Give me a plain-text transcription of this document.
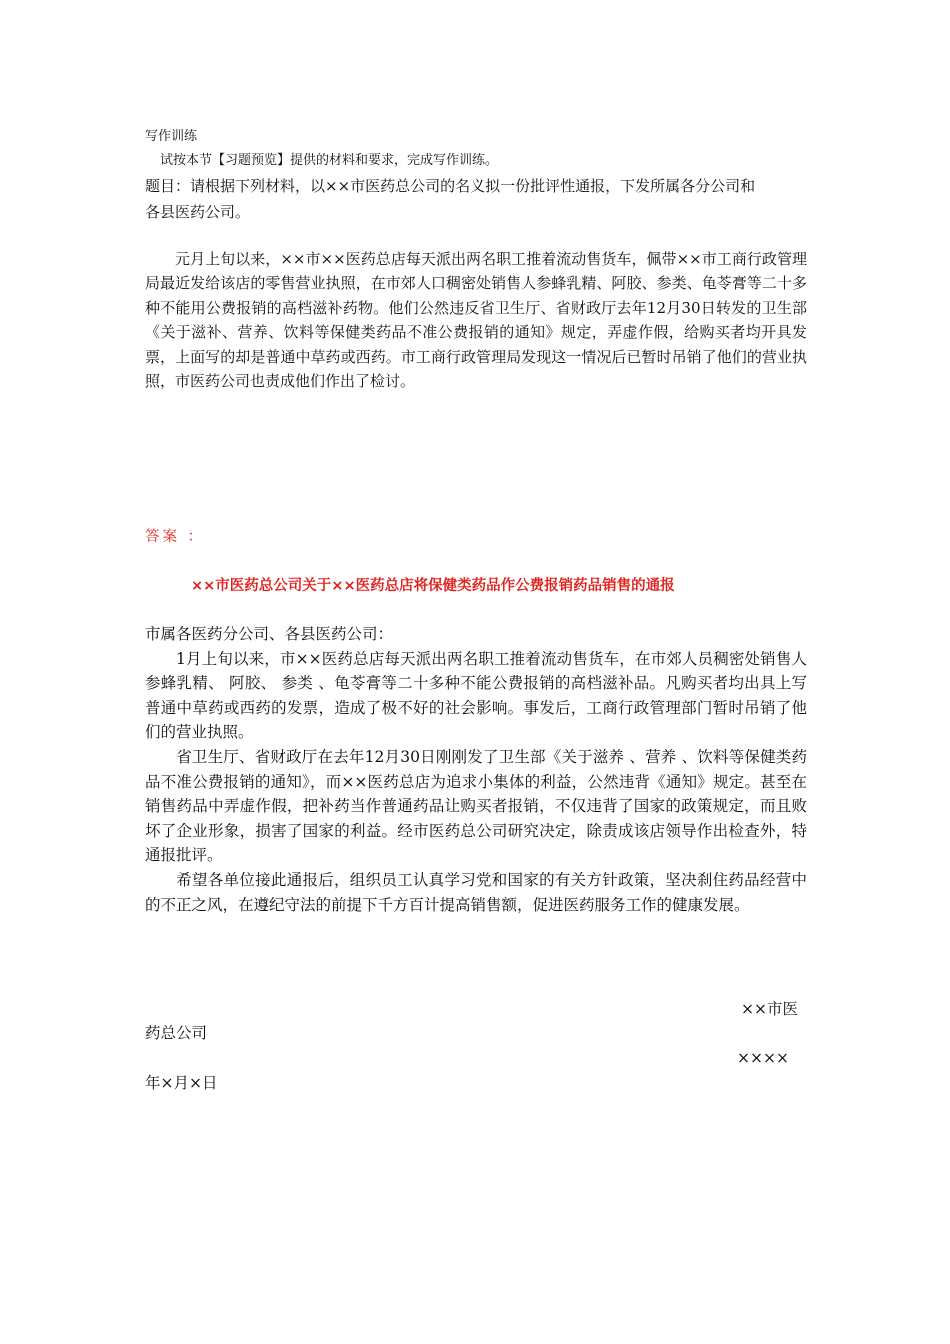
写作训练

试按本节【习题预览】提供的材料和要求，完成写作训练。

题目：请根据下列材料，以××市医药总公司的名义拟一份批评性通报，下发所属各分公司和

各县医药公司。

元月上旬以来，××市××医药总店每天派出两名职工推着流动售货车，佩带××市工商行政管理局最近发给该店的零售营业执照，在市郊人口稠密处销售人参蜂乳精、阿胶、参类、龟苓膏等二十多种不能用公费报销的高档滋补药物。他们公然违反省卫生厅、省财政厅去年12月30日转发的卫生部《关于滋补、营养、饮料等保健类药品不准公费报销的通知》规定，弄虚作假，给购买者均开具发票，上面写的却是普通中草药或西药。市工商行政管理局发现这一情况后已暂时吊销了他们的营业执照，市医药公司也责成他们作出了检讨。

答案 ：

××市医药总公司关于××医药总店将保健类药品作公费报销药品销售的通报

市属各医药分公司、各县医药公司：

1月上旬以来，市××医药总店每天派出两名职工推着流动售货车，在市郊人员稠密处销售人参蜂乳精、 阿胶、 参类 、龟苓膏等二十多种不能公费报销的高档滋补品。凡购买者均出具上写普通中草药或西药的发票，造成了极不好的社会影响。事发后，工商行政管理部门暂时吊销了他们的营业执照。

省卫生厅、省财政厅在去年12月30日刚刚发了卫生部《关于滋养 、营养 、饮料等保健类药品不准公费报销的通知》，而××医药总店为追求小集体的利益，公然违背《通知》规定。甚至在销售药品中弄虚作假，把补药当作普通药品让购买者报销，不仅违背了国家的政策规定，而且败坏了企业形象，损害了国家的利益。经市医药总公司研究决定，除责成该店领导作出检查外，特通报批评。

希望各单位接此通报后，组织员工认真学习党和国家的有关方针政策，坚决刹住药品经营中的不正之风，在遵纪守法的前提下千方百计提高销售额，促进医药服务工作的健康发展。

××市医

药总公司

××××

年×月×日
